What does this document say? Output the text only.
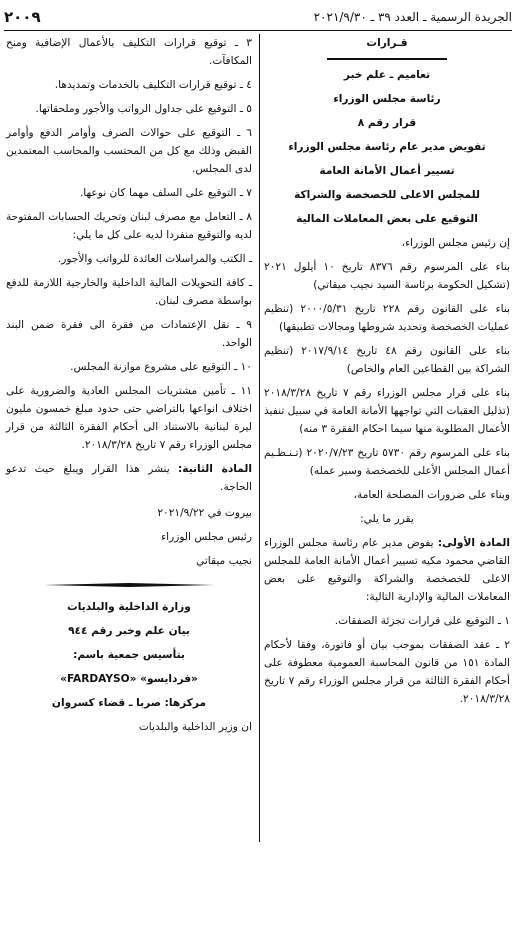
الجريدة الرسمية ـ العدد ٣٩ ـ ٢٠٢١/٩/٣٠
٢٠٠٩

قـرارات

تعاميم ـ علم خبر

رئاسة مجلس الوزراء

قرار رقم ٨

تفويض مدير عام رئاسة مجلس الوزراء

تسيير أعمال الأمانة العامة

للمجلس الاعلى للخصخصة والشراكة

التوقيع على بعض المعاملات المالية

إن رئيس مجلس الوزراء،

بناء على المرسوم رقم ٨٣٧٦ تاريخ ١٠ أيلول ٢٠٢١ (تشكيل الحكومة برئاسة السيد نجيب ميقاتي)

بناء على القانون رقم ٢٢٨ تاريخ ٢٠٠٠/٥/٣١ (تنظيم عمليات الخصخصة وتحديد شروطها ومجالات تطبيقها)

بناء على القانون رقم ٤٨ تاريخ ٢٠١٧/٩/١٤ (تنظيم الشراكة بين القطاعين العام والخاص)

بناء على قرار مجلس الوزراء رقم ٧ تاريخ ٢٠١٨/٣/٢٨ (تذليل العقبات التي تواجهها الأمانة العامة في سبيل تنفيذ الأعمال المطلوبة منها سيما احكام الفقرة ٣ منه)

بناء على المرسوم رقم ٥٧٣٠ تاريخ ٢٠٢٠/٧/٢٣ (تـنـظـيم أعمال المجلس الأعلى للخصخصة وسير عمله)

وبناء على ضرورات المصلحة العامة،

يقرر ما يلي:

المادة الأولى: يفوض مدير عام رئاسة مجلس الوزراء القاضي محمود مكيه تسيير أعمال الأمانة العامة للمجلس الاعلى للخصخصة والشراكة والتوقيع على بعض المعاملات المالية والإدارية التالية:

١ ـ التوقيع على قرارات تجزئة الصفقات.

٢ ـ عقد الصفقات بموجب بيان أو فاتورة، وفقا لأحكام المادة ١٥١ من قانون المحاسبة العمومية معطوفة على أحكام الفقرة الثالثة من قرار مجلس الوزراء رقم ٧ تاريخ ٢٠١٨/٣/٢٨.

٣ ـ توقيع قرارات التكليف بالأعمال الإضافية ومنح المكافآت.

٤ ـ توقيع قرارات التكليف بالخدمات وتمديدها.

٥ ـ التوقيع على جداول الرواتب والأجور وملحقاتها.

٦ ـ التوقيع على حوالات الصرف وأوامر الدفع وأوامر القبض وذلك مع كل من المحتسب والمحاسب المعتمدين لدى المجلس.

٧ ـ التوقيع على السلف مهما كان نوعها.

٨ ـ التعامل مع مصرف لبنان وتحريك الحسابات المفتوحة لديه والتوقيع منفردا لديه على كل ما يلي:

ـ الكتب والمراسلات العائدة للرواتب والأجور.

ـ كافة التحويلات المالية الداخلية والخارجية اللازمة للدفع بواسطة مصرف لبنان.

٩ ـ نقل الإعتمادات من فقرة الى فقرة ضمن البند الواحد.

١٠ ـ التوقيع على مشروع موازنة المجلس.

١١ ـ تأمين مشتريات المجلس العادية والضرورية على اختلاف انواعها بالتراضي حتى حدود مبلغ خمسون مليون ليرة لبنانية بالاستناد الى أحكام الفقرة الثالثة من قرار مجلس الوزراء رقم ٧ تاريخ ٢٠١٨/٣/٢٨.

المادة الثانية: ينشر هذا القرار ويبلغ حيث تدعو الحاجة.

بيروت في ٢٠٢١/٩/٢٢

رئيس مجلس الوزراء

نجيب ميقاتي

وزارة الداخلية والبلديات

بيان علم وخبر رقم ٩٤٤

بتأسيس جمعية باسم:

«فردايسو» «FARDAYSO»

مركزها: صربا ـ قضاء كسروان

ان وزير الداخلية والبلديات
